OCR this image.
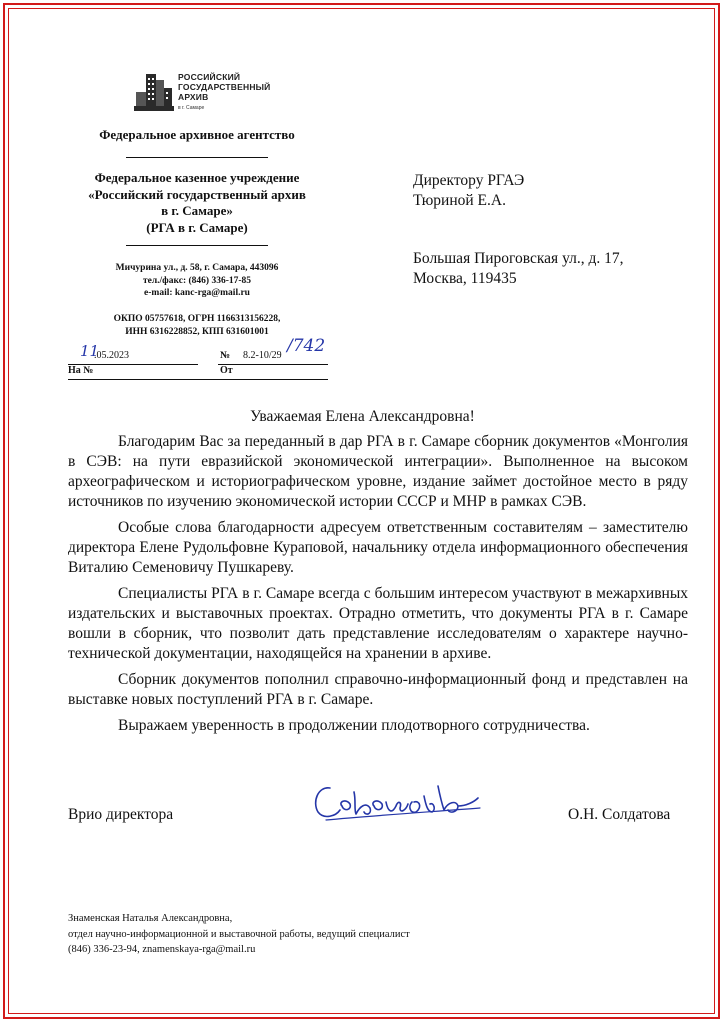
РОССИЙСКИЙ
ГОСУДАРСТВЕННЫЙ
АРХИВ
в г. Самаре
Федеральное архивное агентство
Федеральное казенное учреждение
«Российский государственный архив
в г. Самаре»
(РГА в г. Самаре)
Мичурина ул., д. 58, г. Самара, 443096
тел./факс: (846) 336-17-85
e-mail: kanc-rga@mail.ru
ОКПО 05757618, ОГРН 1166313156228,
ИНН 6316228852, КПП 631601001
11
.05.2023	№ 8.2-10/29 /742
На №	От
Директору РГАЭ
Тюриной Е.А.
Большая Пироговская ул., д. 17,
Москва, 119435
Уважаемая Елена Александровна!

Благодарим Вас за переданный в дар РГА в г. Самаре сборник документов «Монголия в СЭВ: на пути евразийской экономической интеграции». Выполненное на высоком археографическом и историографическом уровне, издание займет достойное место в ряду источников по изучению экономической истории СССР и МНР в рамках СЭВ.

Особые слова благодарности адресуем ответственным составителям – заместителю директора Елене Рудольфовне Кураповой, начальнику отдела информационного обеспечения Виталию Семеновичу Пушкареву.

Специалисты РГА в г. Самаре всегда с большим интересом участвуют в межархивных издательских и выставочных проектах. Отрадно отметить, что документы РГА в г. Самаре вошли в сборник, что позволит дать представление исследователям о характере научно-технической документации, находящейся на хранении в архиве.

Сборник документов пополнил справочно-информационный фонд и представлен на выставке новых поступлений РГА в г. Самаре.

Выражаем уверенность в продолжении плодотворного сотрудничества.

Врио директора	О.Н. Солдатова
Знаменская Наталья Александровна,
отдел научно-информационной и выставочной работы, ведущий специалист
(846) 336-23-94, znamenskaya-rga@mail.ru
